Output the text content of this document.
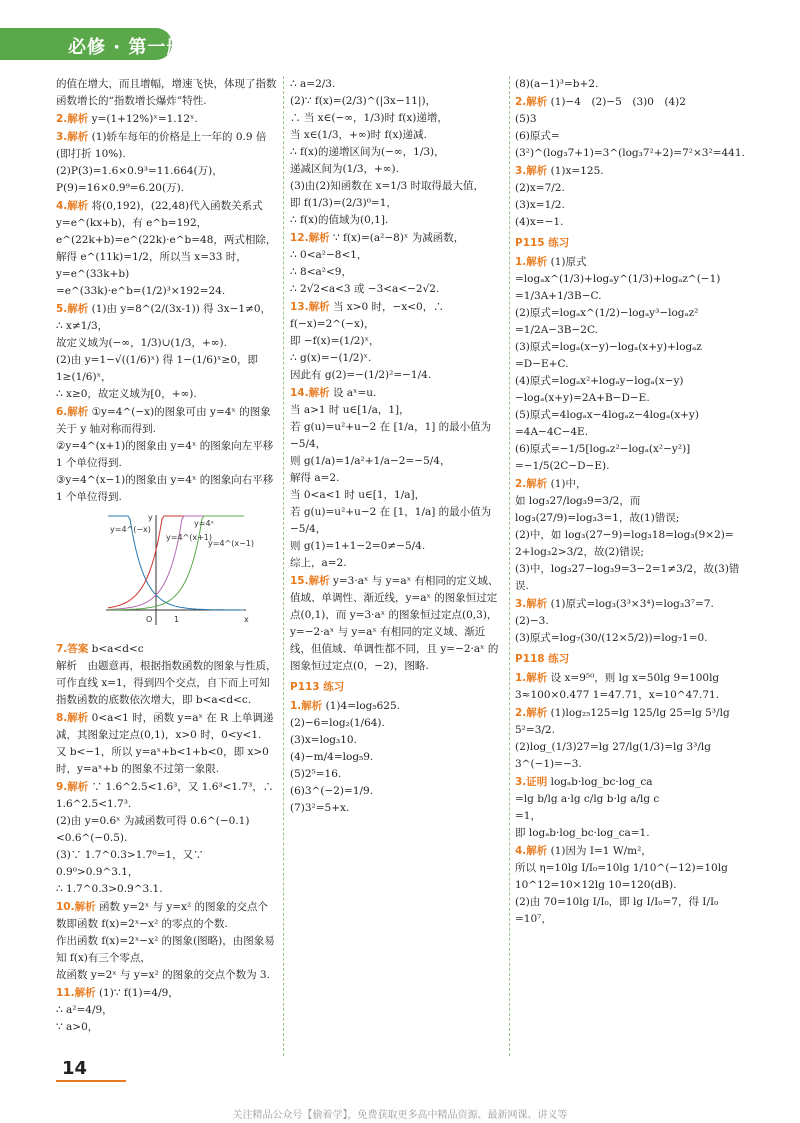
必修 · 第一册
的值在增大，而且增幅，增速飞快，体现了指数函数增长的“指数增长爆炸”特性.
2.解析 y=(1+12%)ˣ=1.12ˣ.
3.解析 (1)轿车每年的价格是上一年的 0.9 倍(即打折 10%).
(2)P(3)=1.6×0.9³=11.664(万)，
P(9)=16×0.9⁹=6.20(万).
4.解析 将(0,192)，(22,48)代入函数关系式 y=e^(kx+b)，有 e^b=192，e^(22k+b)=e^(22k)·e^b=48，两式相除，解得 e^(11k)=1/2，所以当 x=33 时，y=e^(33k+b)
=e^(33k)·e^b=(1/2)³×192=24.
5.解析 (1)由 y=8^(2/(3x-1)) 得 3x−1≠0，
∴ x≠1/3，
故定义域为(−∞，1/3)∪(1/3，+∞).
(2)由 y=1−√((1/6)ˣ) 得 1−(1/6)ˣ≥0，即
1≥(1/6)ˣ，
∴ x≥0，故定义域为[0，+∞).
6.解析 ①y=4^(−x)的图象可由 y=4ˣ 的图象关于 y 轴对称而得到.
②y=4^(x+1)的图象由 y=4ˣ 的图象向左平移 1 个单位得到.
③y=4^(x−1)的图象由 y=4ˣ 的图象向右平移 1 个单位得到.
y=4^(−x)
y=4^(x+1)
y=4ˣ
y=4^(x−1)
y
x
O	1
7.答案 b<a<d<c
解析　由题意再，根据指数函数的图象与性质，可作直线 x=1，得到四个交点，自下而上可知指数函数的底数依次增大，即 b<a<d<c.
8.解析 0<a<1 时，函数 y=aˣ 在 R 上单调递减，其图象过定点(0,1)，x>0 时，0<y<1.
又 b<−1，所以 y=aˣ+b<1+b<0，即 x>0 时，y=aˣ+b 的图象不过第一象限.
9.解析 ∵ 1.6^2.5<1.6³，又 1.6³<1.7³，∴ 1.6^2.5<1.7³.
(2)由 y=0.6ˣ 为减函数可得 0.6^(−0.1)<0.6^(−0.5).
(3)∵ 1.7^0.3>1.7⁰=1，又∵ 0.9⁰>0.9^3.1，
∴ 1.7^0.3>0.9^3.1.
10.解析 函数 y=2ˣ 与 y=x² 的图象的交点个数即函数 f(x)=2ˣ−x² 的零点的个数.
作出函数 f(x)=2ˣ−x² 的图象(图略)，由图象易知 f(x)有三个零点，
故函数 y=2ˣ 与 y=x² 的图象的交点个数为 3.
11.解析 (1)∵ f(1)=4/9，
∴ a²=4/9，
∵ a>0，
∴ a=2/3.
(2)∵ f(x)=(2/3)^(|3x−11|)，
∴ 当 x∈(−∞，1/3)时 f(x)递增，
当 x∈(1/3，+∞)时 f(x)递减.
∴ f(x)的递增区间为(−∞，1/3)，
递减区间为(1/3，+∞).
(3)由(2)知函数在 x=1/3 时取得最大值，
即 f(1/3)=(2/3)⁰=1，
∴ f(x)的值域为(0,1].
12.解析 ∵ f(x)=(a²−8)ˣ 为减函数，
∴ 0<a²−8<1，
∴ 8<a²<9，
∴ 2√2<a<3 或 −3<a<−2√2.
13.解析 当 x>0 时，−x<0，∴ f(−x)=2^(−x)，
即 −f(x)=(1/2)ˣ，
∴ g(x)=−(1/2)ˣ.
因此有 g(2)=−(1/2)²=−1/4.
14.解析 设 aˣ=u.
当 a>1 时 u∈[1/a，1]，
若 g(u)=u²+u−2 在 [1/a，1] 的最小值为
−5/4，
则 g(1/a)=1/a²+1/a−2=−5/4，
解得 a=2.
当 0<a<1 时 u∈[1，1/a]，
若 g(u)=u²+u−2 在 [1，1/a] 的最小值为
−5/4，
则 g(1)=1+1−2=0≠−5/4.
综上，a=2.
15.解析 y=3·aˣ 与 y=aˣ 有相同的定义域、值域、单调性、渐近线，y=aˣ 的图象恒过定点(0,1)，而 y=3·aˣ 的图象恒过定点(0,3)，y=−2·aˣ 与 y=aˣ 有相同的定义域、渐近线，但值域、单调性都不同，且 y=−2·aˣ 的图象恒过定点(0，−2)，图略.
P113 练习
1.解析 (1)4=log₅625.
(2)−6=log₂(1/64).
(3)x=log₃10.
(4)−m/4=log₅9.
(5)2⁵=16.
(6)3^(−2)=1/9.
(7)3²=5+x.
(8)(a−1)³=b+2.
2.解析 (1)−4　(2)−5　(3)0　(4)2
(5)3
(6)原式=(3²)^(log₃7+1)=3^(log₃7²+2)=7²×3²=441.
3.解析 (1)x=125.
(2)x=7/2.
(3)x=1/2.
(4)x=−1.
P115 练习
1.解析 (1)原式=logₐx^(1/3)+logₐy^(1/3)+logₐz^(−1)
=1/3A+1/3B−C.
(2)原式=logₐx^(1/2)−logₐy³−logₐz²
=1/2A−3B−2C.
(3)原式=logₐ(x−y)−logₐ(x+y)+logₐz
=D−E+C.
(4)原式=logₐx²+logₐy−logₐ(x−y)−logₐ(x+y)=2A+B−D−E.
(5)原式=4logₐx−4logₐz−4logₐ(x+y)
=4A−4C−4E.
(6)原式=−1/5[logₐz²−logₐ(x²−y²)]
=−1/5(2C−D−E).
2.解析 (1)中，
如 log₃27/log₃9=3/2，而 log₃(27/9)=log₃3=1，故(1)错误;
(2)中，如 log₃(27−9)=log₃18=log₃(9×2)=
2+log₃2>3/2，故(2)错误;
(3)中，log₃27−log₃9=3−2=1≠3/2，故(3)错误.
3.解析 (1)原式=log₃(3³×3⁴)=log₃3⁷=7.
(2)−3.
(3)原式=log₇(30/(12×5/2))=log₇1=0.
P118 练习
1.解析 设 x=9⁵⁰，则 lg x=50lg 9=100lg 3≈100×0.477 1=47.71，x=10^47.71.
2.解析 (1)log₂₅125=lg 125/lg 25=lg 5³/lg 5²=3/2.
(2)log_(1/3)27=lg 27/lg(1/3)=lg 3³/lg 3^(−1)=−3.
3.证明 logₐb·log_bc·log_ca
=lg b/lg a·lg c/lg b·lg a/lg c
=1，
即 logₐb·log_bc·log_ca=1.
4.解析 (1)因为 I=1 W/m²，
所以 η=10lg I/I₀=10lg 1/10^(−12)=10lg 10^12=10×12lg 10=120(dB).
(2)由 70=10lg I/I₀，即 lg I/I₀=7，得 I/I₀
=10⁷，
14
关注精品公众号【偷着学】，免费获取更多高中精品资源、最新网课、讲义等
